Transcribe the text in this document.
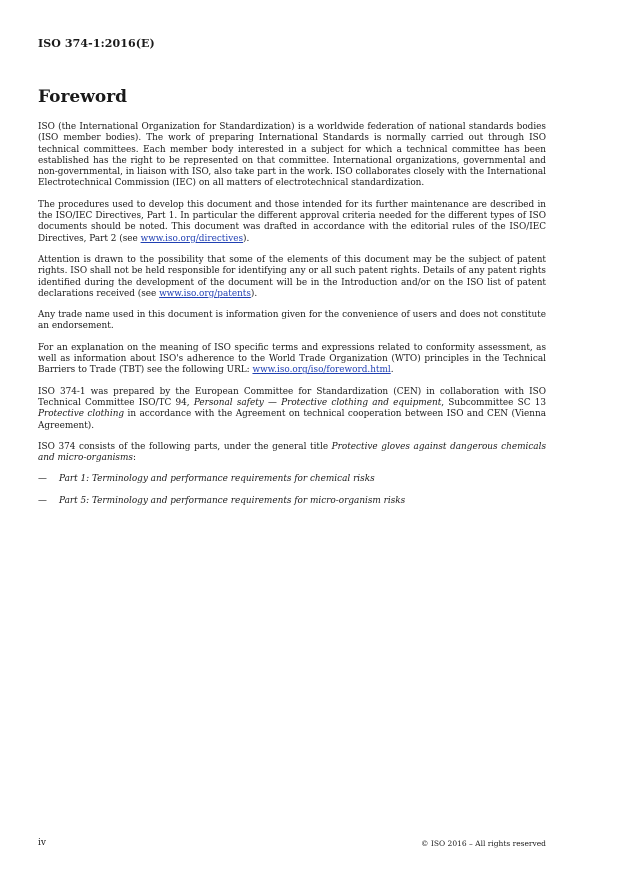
ISO 374-1:2016(E)
Foreword

ISO (the International Organization for Standardization) is a worldwide federation of national standards bodies (ISO member bodies). The work of preparing International Standards is normally carried out through ISO technical committees. Each member body interested in a subject for which a technical committee has been established has the right to be represented on that committee. International organizations, governmental and non-governmental, in liaison with ISO, also take part in the work. ISO collaborates closely with the International Electrotechnical Commission (IEC) on all matters of electrotechnical standardization.

The procedures used to develop this document and those intended for its further maintenance are described in the ISO/IEC Directives, Part 1. In particular the different approval criteria needed for the different types of ISO documents should be noted. This document was drafted in accordance with the editorial rules of the ISO/IEC Directives, Part 2 (see www.iso.org/directives).

Attention is drawn to the possibility that some of the elements of this document may be the subject of patent rights. ISO shall not be held responsible for identifying any or all such patent rights. Details of any patent rights identified during the development of the document will be in the Introduction and/or on the ISO list of patent declarations received (see www.iso.org/patents).

Any trade name used in this document is information given for the convenience of users and does not constitute an endorsement.

For an explanation on the meaning of ISO specific terms and expressions related to conformity assessment, as well as information about ISO's adherence to the World Trade Organization (WTO) principles in the Technical Barriers to Trade (TBT) see the following URL: www.iso.org/iso/foreword.html.

ISO 374-1 was prepared by the European Committee for Standardization (CEN) in collaboration with ISO Technical Committee ISO/TC 94, Personal safety — Protective clothing and equipment, Subcommittee SC 13 Protective clothing in accordance with the Agreement on technical cooperation between ISO and CEN (Vienna Agreement).

ISO 374 consists of the following parts, under the general title Protective gloves against dangerous chemicals and micro-organisms:

—	Part 1: Terminology and performance requirements for chemical risks
—	Part 5: Terminology and performance requirements for micro-organism risks
iv	© ISO 2016 – All rights reserved
